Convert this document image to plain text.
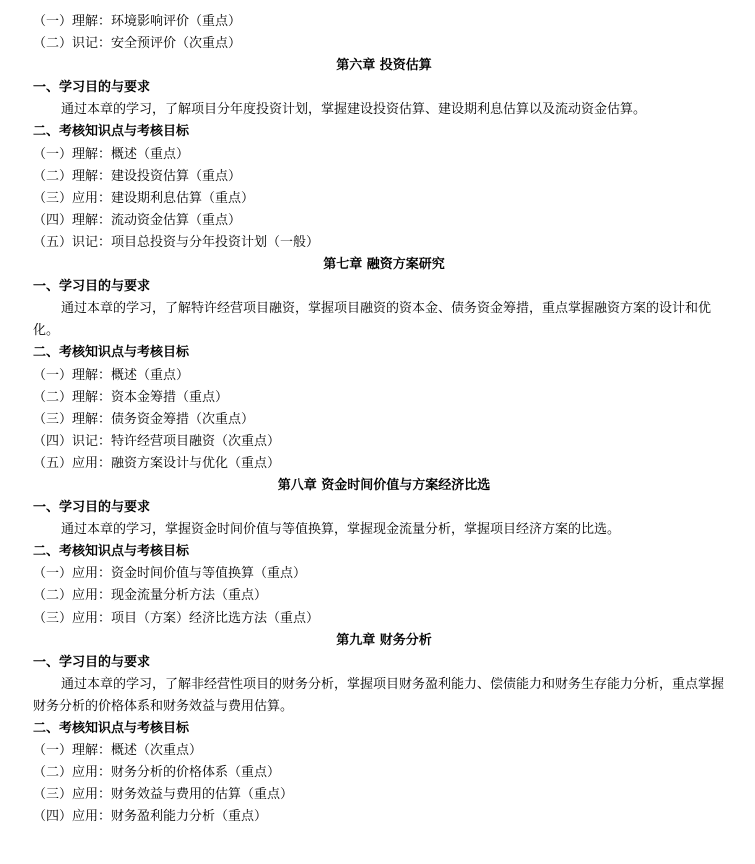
（一）理解：环境影响评价（重点）
（二）识记：安全预评价（次重点）
第六章 投资估算
一、学习目的与要求
通过本章的学习，了解项目分年度投资计划，掌握建设投资估算、建设期利息估算以及流动资金估算。
二、考核知识点与考核目标
（一）理解：概述（重点）
（二）理解：建设投资估算（重点）
（三）应用：建设期利息估算（重点）
（四）理解：流动资金估算（重点）
（五）识记：项目总投资与分年投资计划（一般）
第七章 融资方案研究
一、学习目的与要求
通过本章的学习，了解特许经营项目融资，掌握项目融资的资本金、债务资金筹措，重点掌握融资方案的设计和优化。
二、考核知识点与考核目标
（一）理解：概述（重点）
（二）理解：资本金筹措（重点）
（三）理解：债务资金筹措（次重点）
（四）识记：特许经营项目融资（次重点）
（五）应用：融资方案设计与优化（重点）
第八章 资金时间价值与方案经济比选
一、学习目的与要求
通过本章的学习，掌握资金时间价值与等值换算，掌握现金流量分析，掌握项目经济方案的比选。
二、考核知识点与考核目标
（一）应用：资金时间价值与等值换算（重点）
（二）应用：现金流量分析方法（重点）
（三）应用：项目（方案）经济比选方法（重点）
第九章 财务分析
一、学习目的与要求
通过本章的学习，了解非经营性项目的财务分析，掌握项目财务盈利能力、偿债能力和财务生存能力分析，重点掌握财务分析的价格体系和财务效益与费用估算。
二、考核知识点与考核目标
（一）理解：概述（次重点）
（二）应用：财务分析的价格体系（重点）
（三）应用：财务效益与费用的估算（重点）
（四）应用：财务盈利能力分析（重点）
